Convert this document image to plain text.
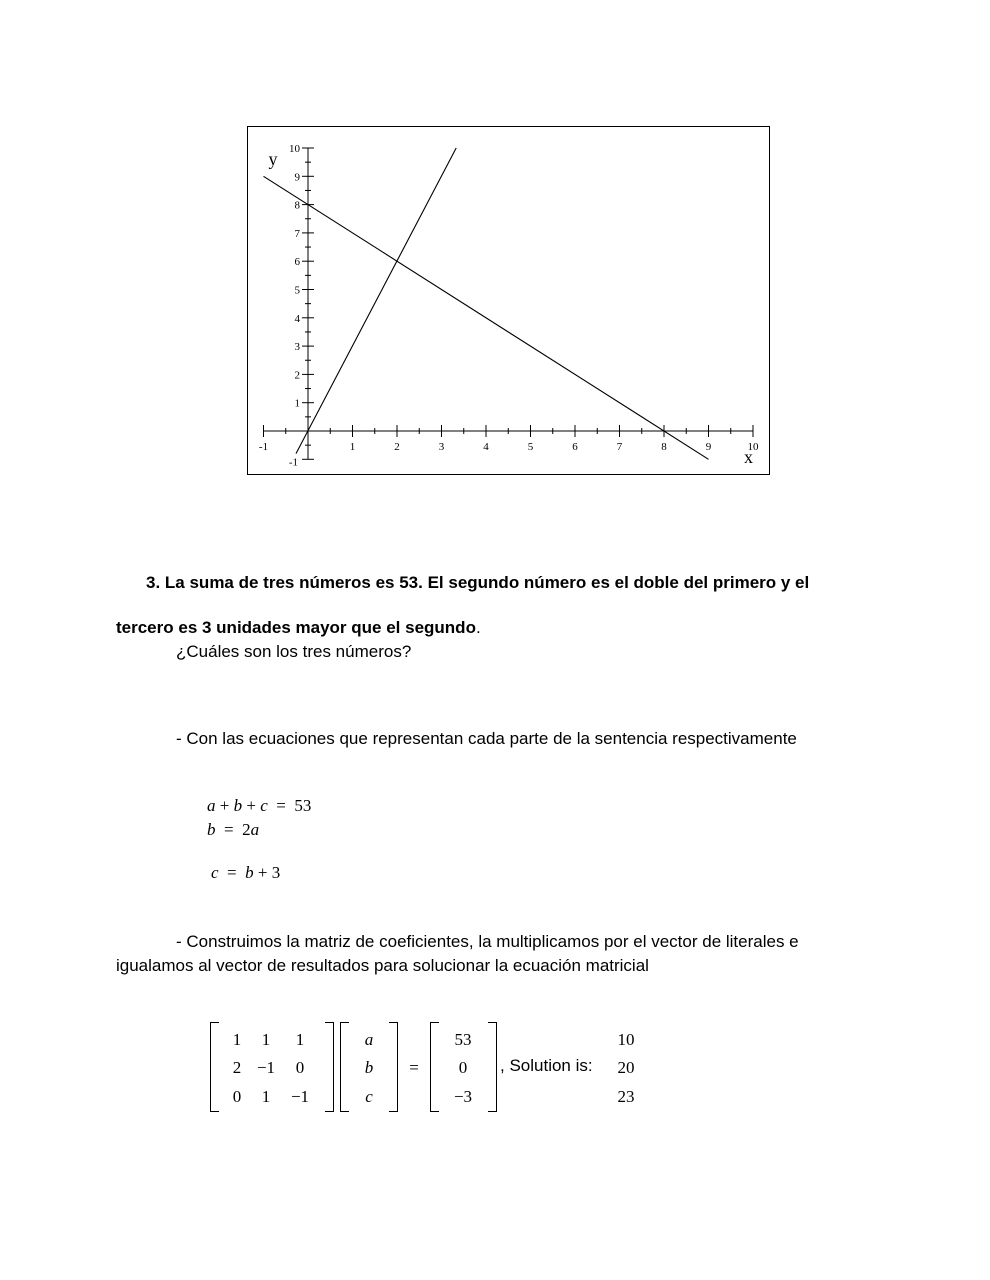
-1	1	2	3	4	5	6	7	8	9	10
-1
1
2
3
4
5
6
7
8
9
10
x
y
3. La suma de tres números es 53. El segundo número es el doble del primero y el
tercero es 3 unidades mayor que el segundo.
¿Cuáles son los tres números?
- Con las ecuaciones que representan cada parte de la sentencia respectivamente
a + b + c  =  53
b  =  2a
c  =  b + 3
- Construimos la matriz de coeficientes, la multiplicamos por el vector de literales e
igualamos al vector de resultados para solucionar la ecuación matricial
1	1	1
2 −1	0
0	1	−1
a
b
c
=
53
0
−3
, Solution is:
10
20
23
